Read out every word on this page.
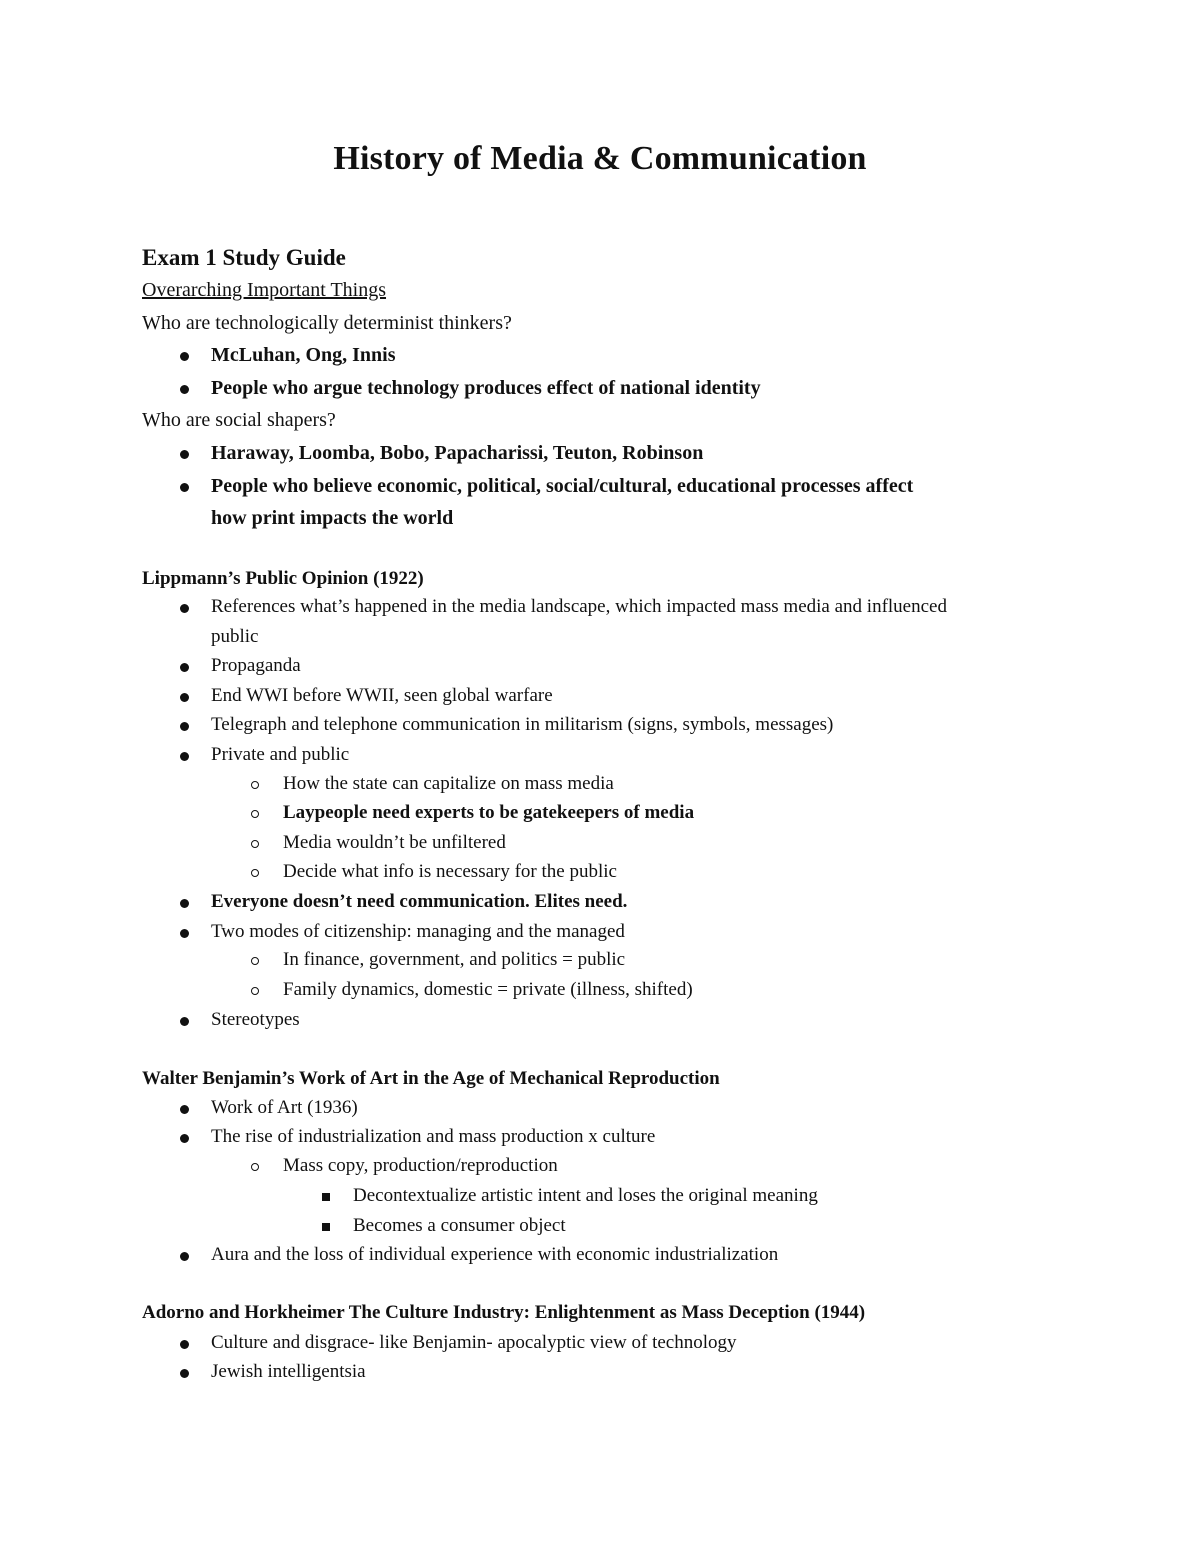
History of Media & Communication
Exam 1 Study Guide
Overarching Important Things
Who are technologically determinist thinkers?
McLuhan, Ong, Innis
People who argue technology produces effect of national identity
Who are social shapers?
Haraway, Loomba, Bobo, Papacharissi, Teuton, Robinson
People who believe economic, political, social/cultural, educational processes affect
how print impacts the world
Lippmann’s Public Opinion (1922)
References what’s happened in the media landscape, which impacted mass media and influenced
public
Propaganda
End WWI before WWII, seen global warfare
Telegraph and telephone communication in militarism (signs, symbols, messages)
Private and public
How the state can capitalize on mass media
Laypeople need experts to be gatekeepers of media
Media wouldn’t be unfiltered
Decide what info is necessary for the public
Everyone doesn’t need communication. Elites need.
Two modes of citizenship: managing and the managed
In finance, government, and politics = public
Family dynamics, domestic = private (illness, shifted)
Stereotypes
Walter Benjamin’s Work of Art in the Age of Mechanical Reproduction
Work of Art (1936)
The rise of industrialization and mass production x culture
Mass copy, production/reproduction
Decontextualize artistic intent and loses the original meaning
Becomes a consumer object
Aura and the loss of individual experience with economic industrialization
Adorno and Horkheimer The Culture Industry: Enlightenment as Mass Deception (1944)
Culture and disgrace- like Benjamin- apocalyptic view of technology
Jewish intelligentsia
